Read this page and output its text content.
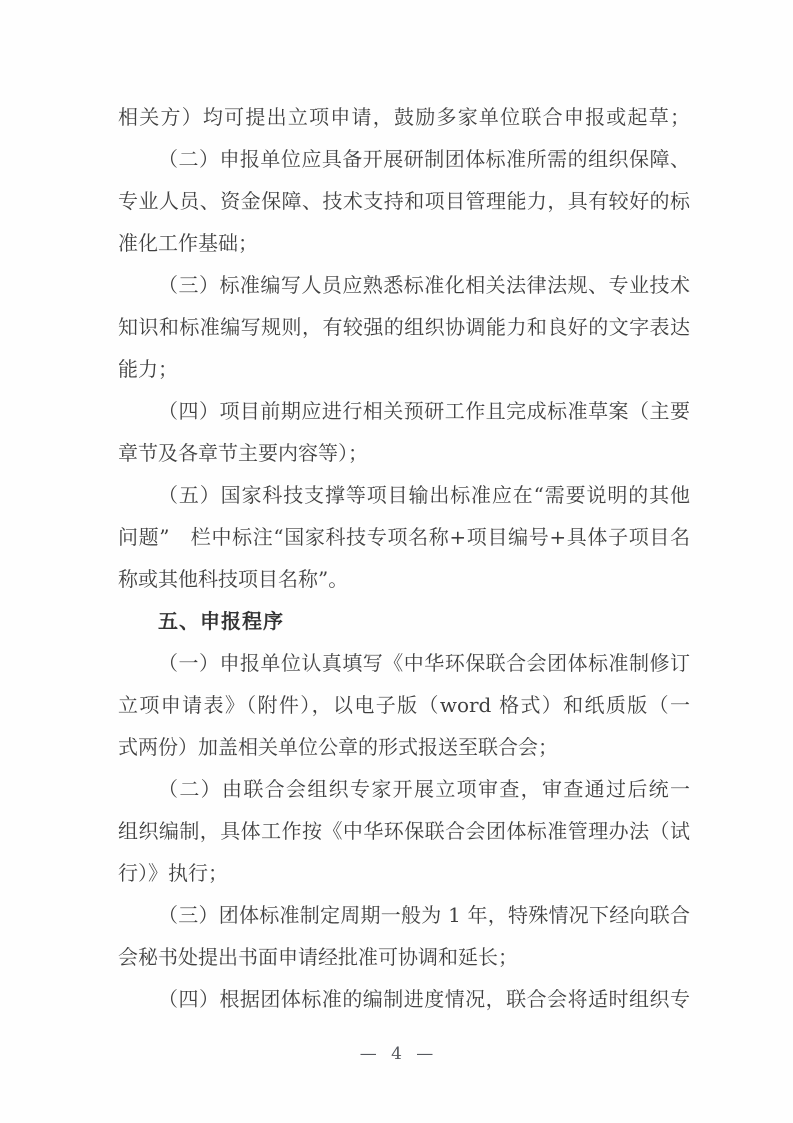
相关方）均可提出立项申请，鼓励多家单位联合申报或起草；
（二）申报单位应具备开展研制团体标准所需的组织保障、
专业人员、资金保障、技术支持和项目管理能力，具有较好的标
准化工作基础；
（三）标准编写人员应熟悉标准化相关法律法规、专业技术
知识和标准编写规则，有较强的组织协调能力和良好的文字表达
能力；
（四）项目前期应进行相关预研工作且完成标准草案（主要
章节及各章节主要内容等）；
（五）国家科技支撑等项目输出标准应在“需要说明的其他
问题”　栏中标注“国家科技专项名称+项目编号+具体子项目名
称或其他科技项目名称”。
五、申报程序
（一）申报单位认真填写《中华环保联合会团体标准制修订
立项申请表》（附件），以电子版（word 格式）和纸质版（一
式两份）加盖相关单位公章的形式报送至联合会；
（二）由联合会组织专家开展立项审查，审查通过后统一
组织编制，具体工作按《中华环保联合会团体标准管理办法（试
行）》执行；
（三）团体标准制定周期一般为 1 年，特殊情况下经向联合
会秘书处提出书面申请经批准可协调和延长；
（四）根据团体标准的编制进度情况，联合会将适时组织专
— 4 —
